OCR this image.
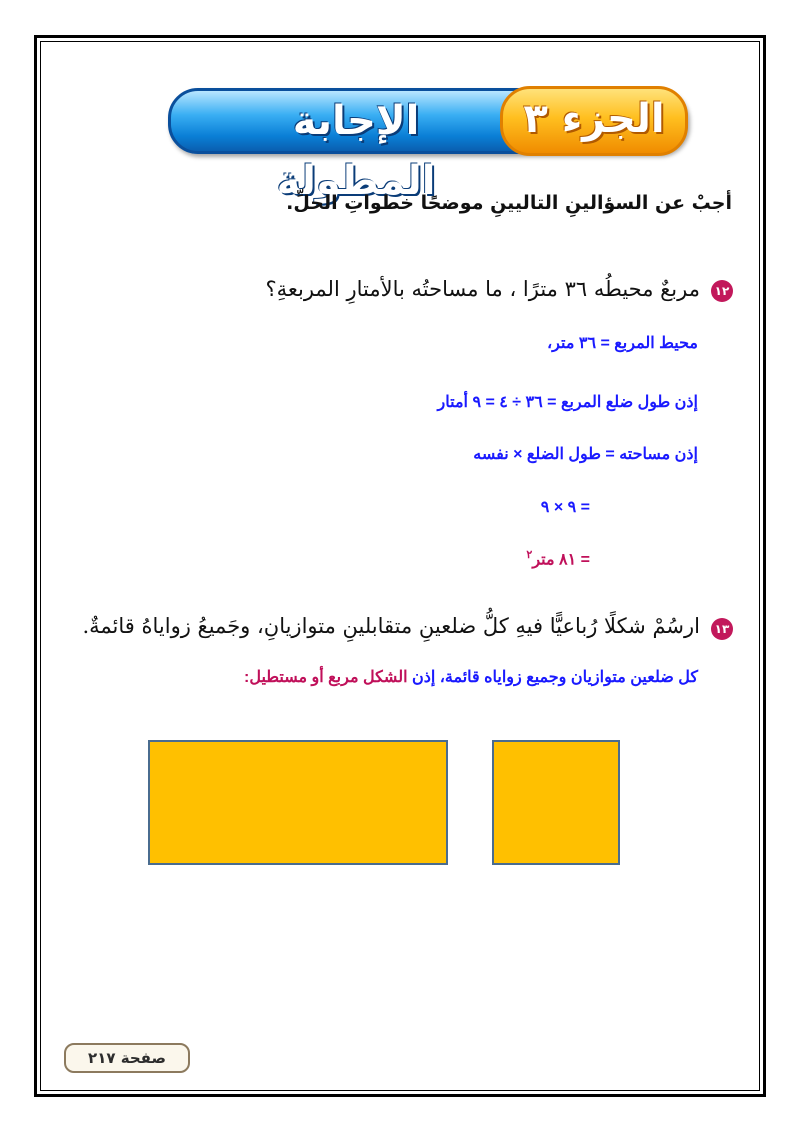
الإجابة المطولة
الجزء ٣
أجبْ عن السؤالينِ التاليينِ موضحًا خطواتِ الحلِّ.
١٢
مربعٌ محيطُه ٣٦ مترًا ، ما مساحتُه بالأمتارِ المربعةِ؟
محيط المربع = ٣٦ متر،
إذن طول ضلع المربع = ٣٦ ÷ ٤ = ٩ أمتار
إذن مساحته = طول الضلع × نفسه
= ٩ × ٩
= ٨١ متر$^٢$
١٣
ارسُمْ شكلًا رُباعيًّا فيهِ كلُّ ضلعينِ متقابلينِ متوازيانِ، وجَميعُ زواياهُ قائمةٌ.
كل ضلعين متوازيان وجميع زواياه قائمة، إذن الشكل مربع أو مستطيل:
صفحة ٢١٧
